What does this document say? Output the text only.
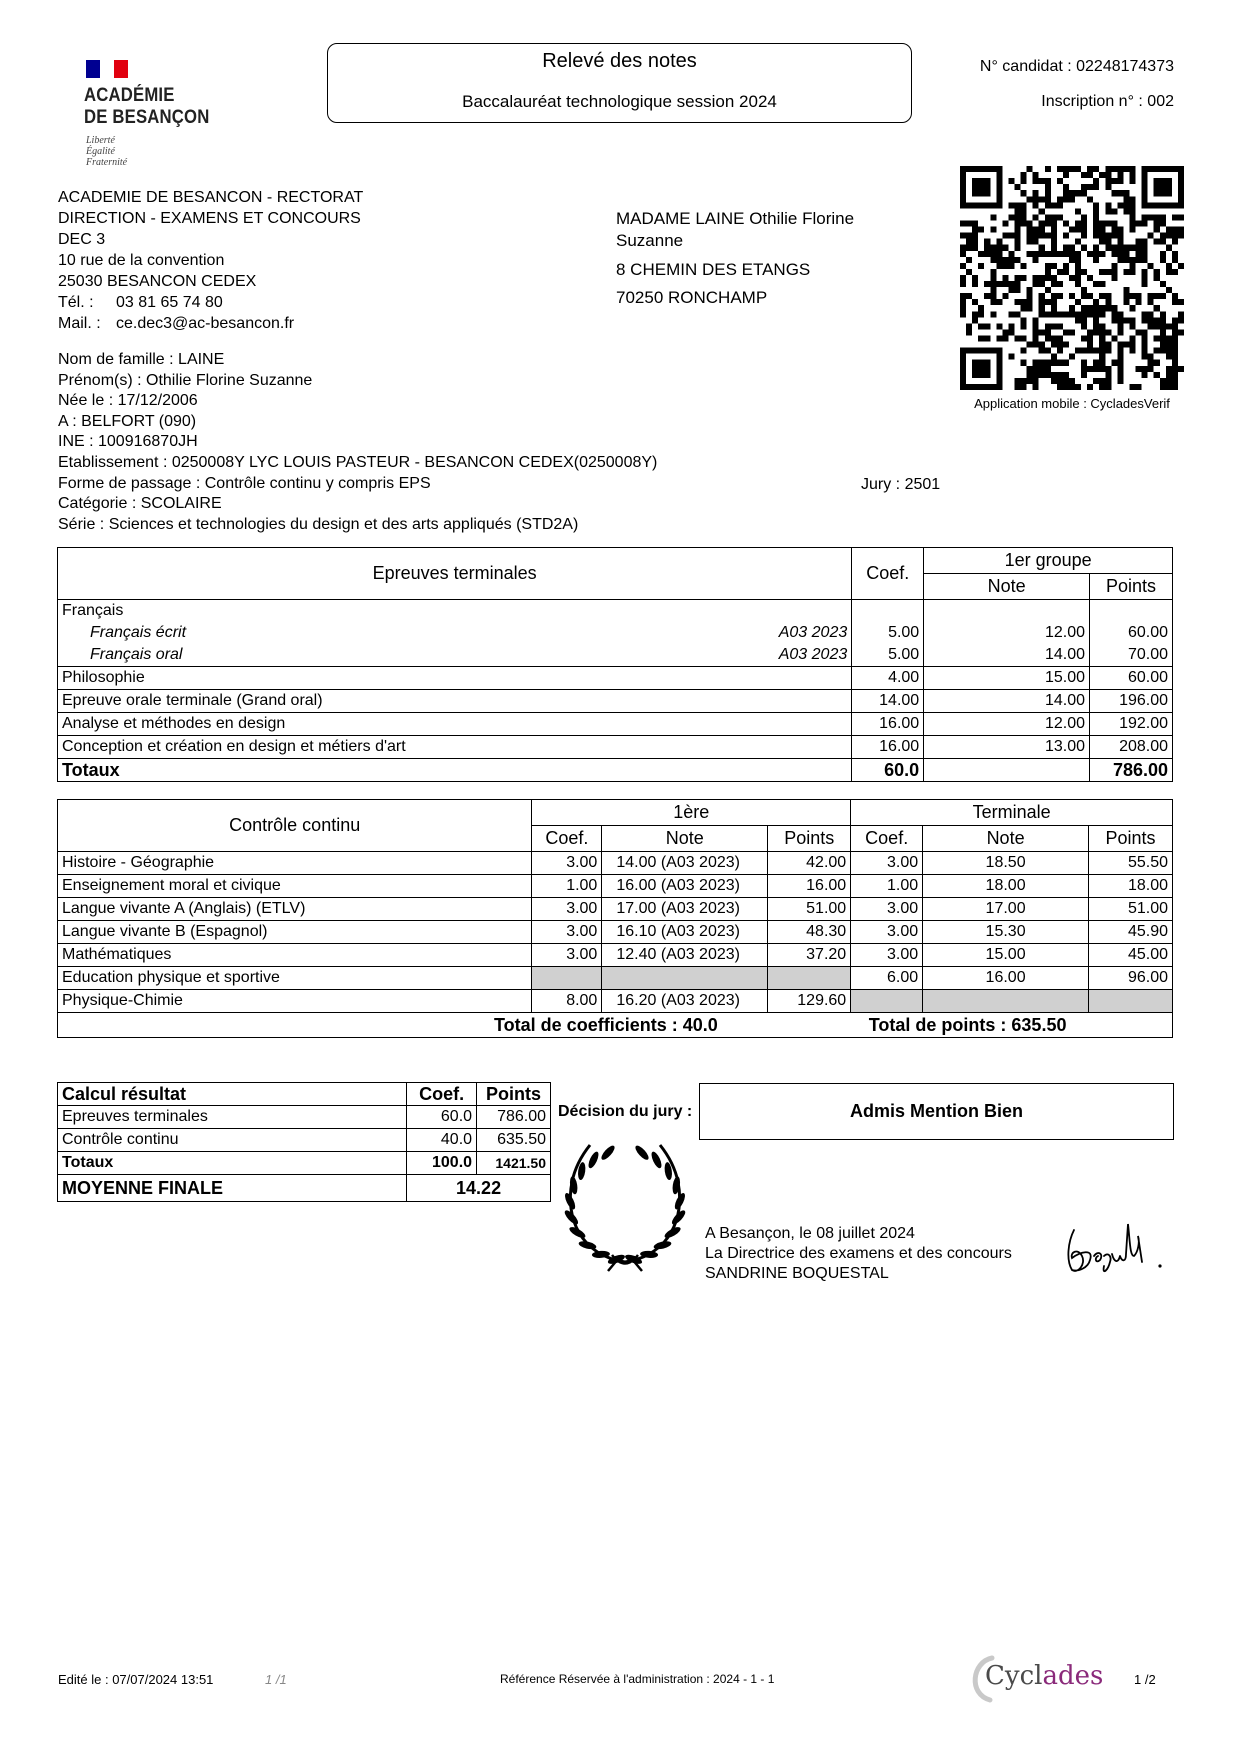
ACADÉMIE
DE BESANÇON
Liberté
Égalité
Fraternité
Relevé des notes
Baccalauréat technologique session 2024
N° candidat : 02248174373
Inscription n° : 002
Application mobile : CycladesVerif
ACADEMIE DE BESANCON - RECTORAT
DIRECTION - EXAMENS ET CONCOURS
DEC 3
10 rue de la convention
25030 BESANCON CEDEX
Tél. : 03 81 65 74 80
Mail. : ce.dec3@ac-besancon.fr
MADAME LAINE Othilie Florine Suzanne
8 CHEMIN DES ETANGS
70250 RONCHAMP
Nom de famille : LAINE
Prénom(s) : Othilie Florine Suzanne
Née le : 17/12/2006
A : BELFORT (090)
INE : 100916870JH
Etablissement : 0250008Y LYC LOUIS PASTEUR - BESANCON CEDEX(0250008Y)
Forme de passage : Contrôle continu y compris EPS
Catégorie : SCOLAIRE
Série : Sciences et technologies du design et des arts appliqués (STD2A)
Jury : 2501
Epreuves terminales	Coef.	1er groupe	
		Note	Points
Français

Français écrit A03 2023	5.00	12.00	60.00
Français oral A03 2023	5.00	14.00	70.00
Philosophie	4.00	15.00	60.00
Epreuve orale terminale (Grand oral)	14.00	14.00	196.00
Analyse et méthodes en design	16.00	12.00	192.00
Conception et création en design et métiers d'art	16.00	13.00	208.00
Totaux	60.0		786.00
Contrôle continu	1ère			Terminale		
	Coef.	Note	Points	Coef.	Note	Points
Histoire - Géographie	3.00	14.00 (A03 2023)	42.00	3.00	18.50	55.50
Enseignement moral et civique	1.00	16.00 (A03 2023)	16.00	1.00	18.00	18.00
Langue vivante A (Anglais) (ETLV)	3.00	17.00 (A03 2023)	51.00	3.00	17.00	51.00
Langue vivante B (Espagnol)	3.00	16.10 (A03 2023)	48.30	3.00	15.30	45.90
Mathématiques	3.00	12.40 (A03 2023)	37.20	3.00	15.00	45.00
Education physique et sportive				6.00	16.00	96.00
Physique-Chimie	8.00	16.20 (A03 2023)	129.60			
Total de coefficients : 40.0			Total de points : 635.50			
Calcul résultat	Coef.	Points
Epreuves terminales	60.0	786.00
Contrôle continu	40.0	635.50
Totaux	100.0	1421.50
MOYENNE FINALE	14.22	
Décision du jury :	Admis Mention Bien
A Besançon, le 08 juillet 2024
La Directrice des examens et des concours
SANDRINE BOQUESTAL
Edité le : 07/07/2024 13:51	1 /1	Référence Réservée à l'administration : 2024 - 1 - 1	Cyclades 1 /2
